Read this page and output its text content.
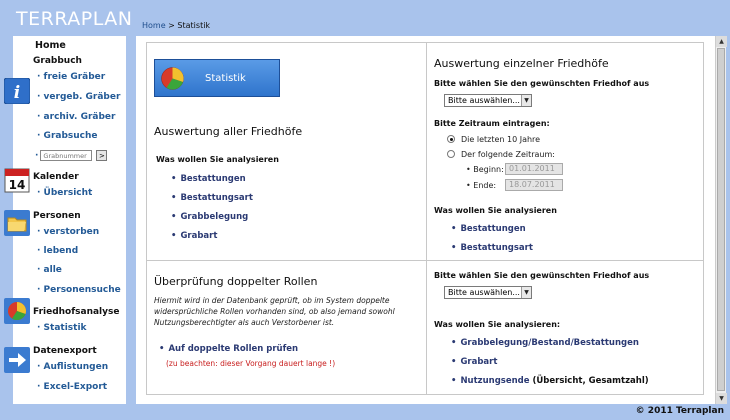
TERRAPLAN Home > Statistik
Home
Grabbuch
i
· freie Gräber
· vergeb. Gräber
· archiv. Gräber
· Grabsuche
·
Grabnummer	>
14
Kalender
· Übersicht
Personen
· verstorben
· lebend
· alle
· Personensuche
Friedhofsanalyse
· Statistik
Datenexport
· Auflistungen
· Excel-Export
Statistik
Auswertung aller Friedhöfe
Was wollen Sie analysieren
• Bestattungen
• Bestattungsart
• Grabbelegung
• Grabart
Auswertung einzelner Friedhöfe
Bitte wählen Sie den gewünschten Friedhof aus
Bitte auswählen... ▼
Bitte Zeitraum eintragen:
Die letzten 10 Jahre
Der folgende Zeitraum:
• Beginn: 01.01.2011
• Ende:	18.07.2011
Was wollen Sie analysieren
• Bestattungen
• Bestattungsart
Überprüfung doppelter Rollen
Hiermit wird in der Datenbank geprüft, ob im System doppelte widersprüchliche Rollen vorhanden sind, ob also jemand sowohl Nutzungsberechtigter als auch Verstorbener ist.
• Auf doppelte Rollen prüfen
(zu beachten: dieser Vorgang dauert lange !)
Bitte wählen Sie den gewünschten Friedhof aus
Bitte auswählen... ▼
Was wollen Sie analysieren:
• Grabbelegung/Bestand/Bestattungen
• Grabart
• Nutzungsende (Übersicht, Gesamtzahl)
▲
▼
© 2011 Terraplan
